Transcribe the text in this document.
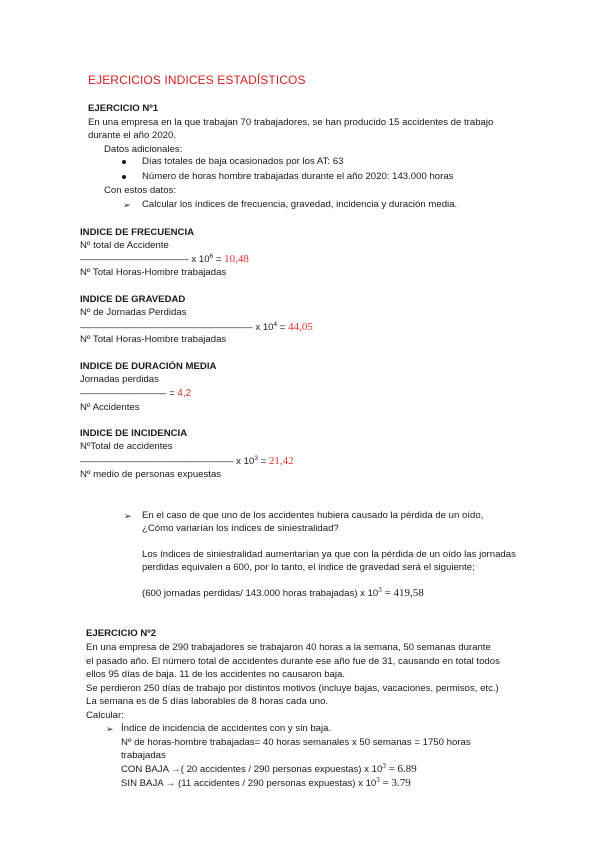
EJERCICIOS INDICES ESTADÍSTICOS
EJERCICIO Nº1
En una empresa en la que trabajan 70 trabajadores, se han producido 15 accidentes de trabajo
durante el año 2020.
Datos adicionales:
Días totales de baja ocasionados por los AT: 63
Número de horas hombre trabajadas durante el año 2020: 143.000 horas
Con estos datos:
➢ Calcular los índices de frecuencia, gravedad, incidencia y duración media.
INDICE DE FRECUENCIA
Nº total de Accidente
———————————- x $10^6 = 10,48$
Nº Total Horas-Hombre trabajadas
INDICE DE GRAVEDAD
Nº de Jornadas Perdidas
—————————————————— x $10^4 = 44,05$
Nº Total Horas-Hombre trabajadas
INDICE DE DURACIÓN MEDIA
Jornadas perdidas
————————— = 4,2
Nº Accidentes
INDICE DE INCIDENCIA
NºTotal de accidentes
———————————————— x $10^3 = 21,42$
Nº medio de personas expuestas
➢ En el caso de que uno de los accidentes hubiera causado la pérdida de un oído,
¿Cómo variarían los índices de siniestralidad?
Los índices de siniestralidad aumentarían ya que con la pérdida de un oído las jornadas
perdidas equivalen a 600, por lo tanto, el índice de gravedad será el siguiente;
(600 jornadas perdidas/ 143.000 horas trabajadas) x $10^3 = 419,58$
EJERCICIO Nº2
En una empresa de 290 trabajadores se trabajaron 40 horas a la semana, 50 semanas durante
el pasado año. El número total de accidentes durante ese año fue de 31, causando en total todos
ellos 95 días de baja. 11 de los accidentes no causaron baja.
Se perdieron 250 días de trabajo por distintos motivos (incluye bajas, vacaciones, permisos, etc.)
La semana es de 5 días laborables de 8 horas cada uno.
Calcular:
➢ Índice de incidencia de accidentes con y sin baja.
Nº de horas-hombre trabajadas= 40 horas semanales x 50 semanas = 1750 horas
trabajadas
CON BAJA →( 20 accidentes / 290 personas expuestas) x $10^3 = 6.89$
SIN BAJA → (11 accidentes / 290 personas expuestas) x $10^3 = 3.79$
